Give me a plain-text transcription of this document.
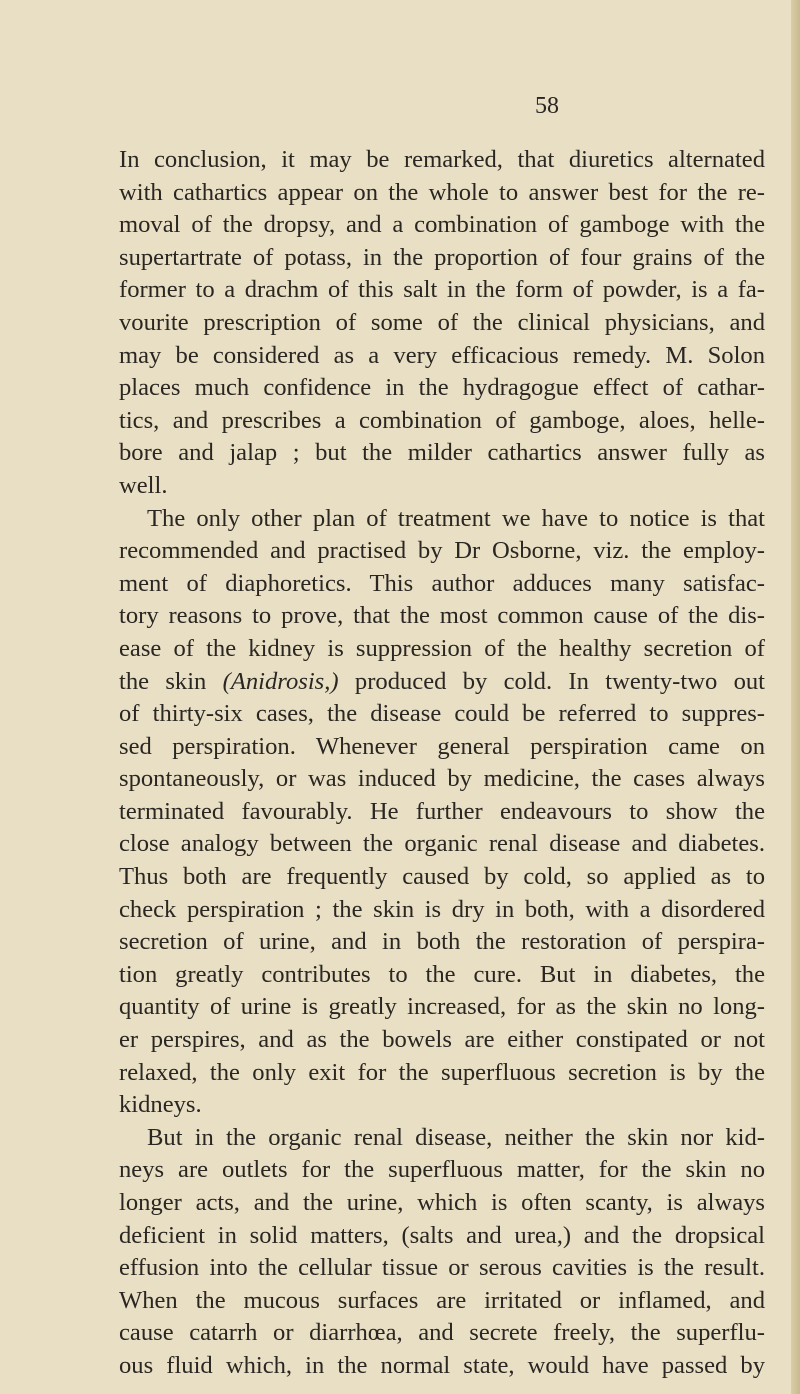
58

In conclusion, it may be remarked, that diuretics alternated
with cathartics appear on the whole to answer best for the re-
moval of the dropsy, and a combination of gamboge with the
supertartrate of potass, in the proportion of four grains of the
former to a drachm of this salt in the form of powder, is a fa-
vourite prescription of some of the clinical physicians, and
may be considered as a very efficacious remedy. M. Solon
places much confidence in the hydragogue effect of cathar-
tics, and prescribes a combination of gamboge, aloes, helle-
bore and jalap ; but the milder cathartics answer fully as
well.
The only other plan of treatment we have to notice is that
recommended and practised by Dr Osborne, viz. the employ-
ment of diaphoretics. This author adduces many satisfac-
tory reasons to prove, that the most common cause of the dis-
ease of the kidney is suppression of the healthy secretion of
the skin (Anidrosis,) produced by cold. In twenty-two out
of thirty-six cases, the disease could be referred to suppres-
sed perspiration. Whenever general perspiration came on
spontaneously, or was induced by medicine, the cases always
terminated favourably. He further endeavours to show the
close analogy between the organic renal disease and diabetes.
Thus both are frequently caused by cold, so applied as to
check perspiration ; the skin is dry in both, with a disordered
secretion of urine, and in both the restoration of perspira-
tion greatly contributes to the cure. But in diabetes, the
quantity of urine is greatly increased, for as the skin no long-
er perspires, and as the bowels are either constipated or not
relaxed, the only exit for the superfluous secretion is by the
kidneys.
But in the organic renal disease, neither the skin nor kid-
neys are outlets for the superfluous matter, for the skin no
longer acts, and the urine, which is often scanty, is always
deficient in solid matters, (salts and urea,) and the dropsical
effusion into the cellular tissue or serous cavities is the result.
When the mucous surfaces are irritated or inflamed, and
cause catarrh or diarrhœa, and secrete freely, the superflu-
ous fluid which, in the normal state, would have passed by
